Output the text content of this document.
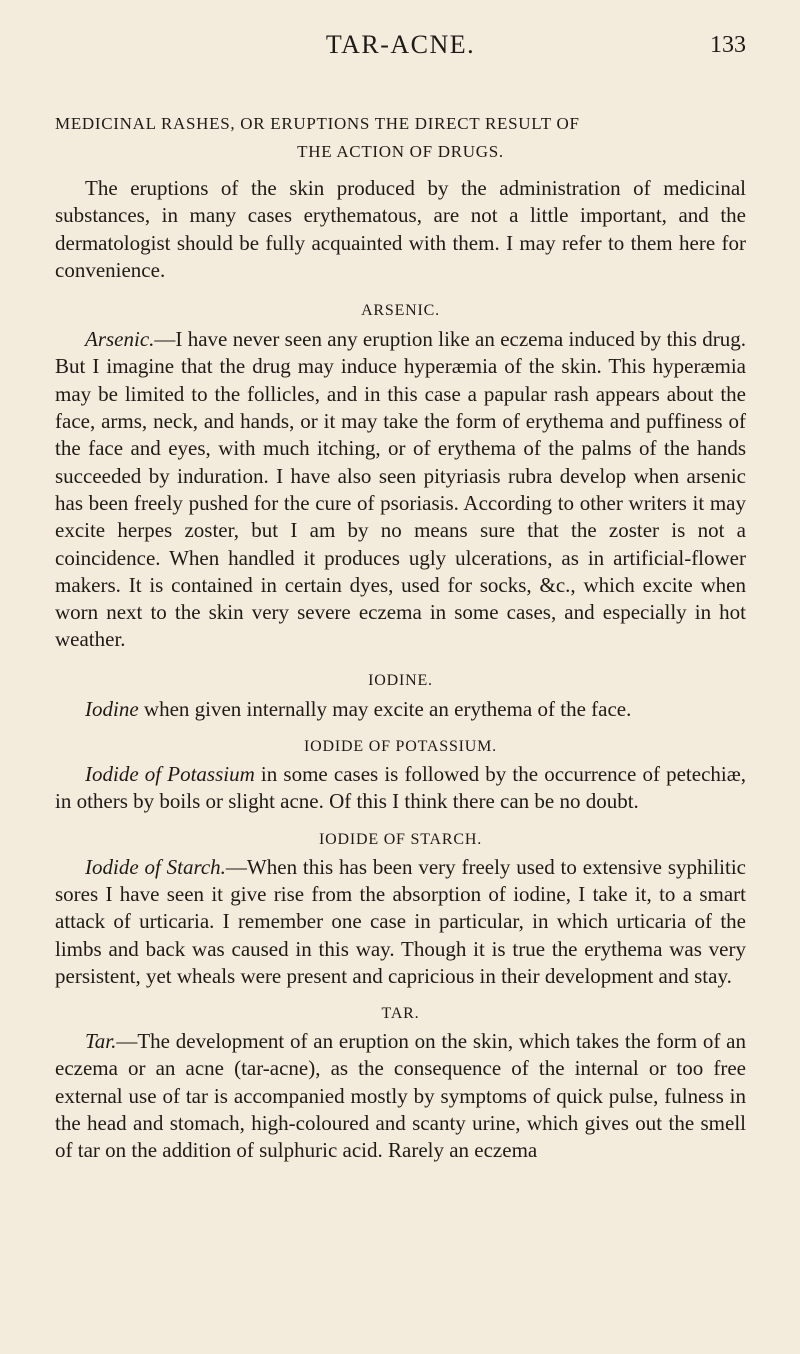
TAR-ACNE.	133
MEDICINAL RASHES, OR ERUPTIONS THE DIRECT RESULT OF
THE ACTION OF DRUGS.

The eruptions of the skin produced by the administration of medicinal substances, in many cases erythematous, are not a little important, and the dermatologist should be fully acquainted with them. I may refer to them here for convenience.

ARSENIC.

Arsenic.—I have never seen any eruption like an eczema induced by this drug. But I imagine that the drug may induce hyperæmia of the skin. This hyperæmia may be limited to the follicles, and in this case a papular rash appears about the face, arms, neck, and hands, or it may take the form of erythema and puffiness of the face and eyes, with much itching, or of erythema of the palms of the hands succeeded by induration. I have also seen pityriasis rubra develop when arsenic has been freely pushed for the cure of psoriasis. According to other writers it may excite herpes zoster, but I am by no means sure that the zoster is not a coincidence. When handled it produces ugly ulcerations, as in artificial-flower makers. It is contained in certain dyes, used for socks, &c., which excite when worn next to the skin very severe eczema in some cases, and especially in hot weather.

IODINE.

Iodine when given internally may excite an erythema of the face.

IODIDE OF POTASSIUM.

Iodide of Potassium in some cases is followed by the occurrence of petechiæ, in others by boils or slight acne. Of this I think there can be no doubt.

IODIDE OF STARCH.

Iodide of Starch.—When this has been very freely used to extensive syphilitic sores I have seen it give rise from the absorption of iodine, I take it, to a smart attack of urticaria. I remember one case in particular, in which urticaria of the limbs and back was caused in this way. Though it is true the erythema was very persistent, yet wheals were present and capricious in their development and stay.

TAR.

Tar.—The development of an eruption on the skin, which takes the form of an eczema or an acne (tar-acne), as the consequence of the internal or too free external use of tar is accompanied mostly by symptoms of quick pulse, fulness in the head and stomach, high-coloured and scanty urine, which gives out the smell of tar on the addition of sulphuric acid. Rarely an eczema
